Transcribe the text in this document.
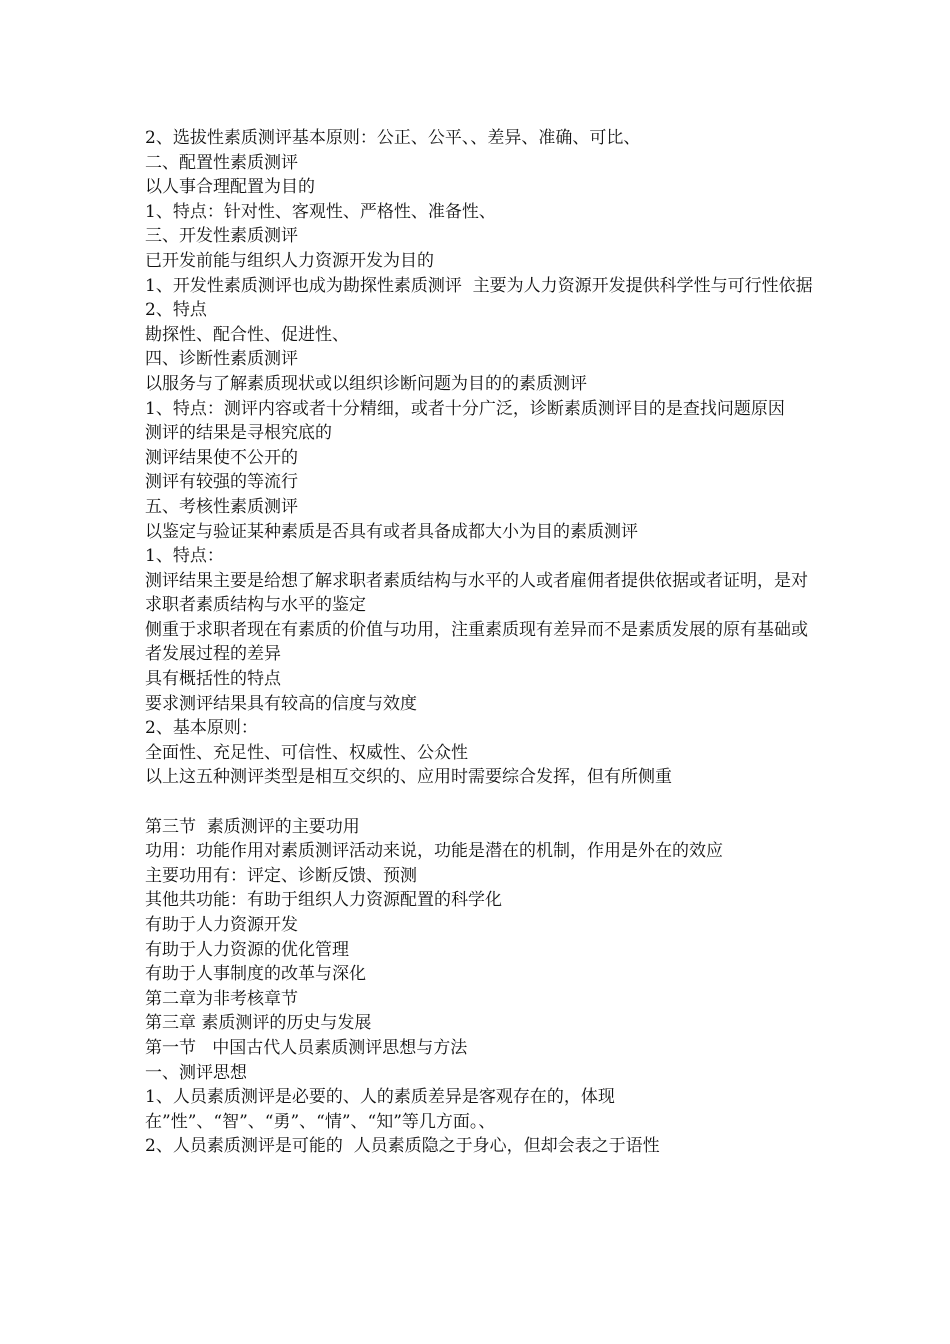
2、选拔性素质测评基本原则：公正、公平、、差异、准确、可比、

二、配置性素质测评

以人事合理配置为目的

1、特点：针对性、客观性、严格性、准备性、

三、开发性素质测评

已开发前能与组织人力资源开发为目的

1、开发性素质测评也成为勘探性素质测评  主要为人力资源开发提供科学性与可行性依据

2、特点

勘探性、配合性、促进性、

四、诊断性素质测评

以服务与了解素质现状或以组织诊断问题为目的的素质测评

1、特点：测评内容或者十分精细，或者十分广泛，诊断素质测评目的是查找问题原因

测评的结果是寻根究底的

测评结果使不公开的

测评有较强的等流行

五、考核性素质测评

以鉴定与验证某种素质是否具有或者具备成都大小为目的素质测评

1、特点：

测评结果主要是给想了解求职者素质结构与水平的人或者雇佣者提供依据或者证明，是对求职者素质结构与水平的鉴定

侧重于求职者现在有素质的价值与功用，注重素质现有差异而不是素质发展的原有基础或者发展过程的差异

具有概括性的特点

要求测评结果具有较高的信度与效度

2、基本原则：

全面性、充足性、可信性、权威性、公众性

以上这五种测评类型是相互交织的、应用时需要综合发挥，但有所侧重

第三节  素质测评的主要功用

功用：功能作用对素质测评活动来说，功能是潜在的机制，作用是外在的效应

主要功用有：评定、诊断反馈、预测

其他共功能：有助于组织人力资源配置的科学化

有助于人力资源开发

有助于人力资源的优化管理

有助于人事制度的改革与深化

第二章为非考核章节

第三章 素质测评的历史与发展

第一节   中国古代人员素质测评思想与方法

一、测评思想

1、人员素质测评是必要的、人的素质差异是客观存在的，体现在”性”、“智”、“勇”、“情”、“知”等几方面。、

2、人员素质测评是可能的  人员素质隐之于身心，但却会表之于语性
